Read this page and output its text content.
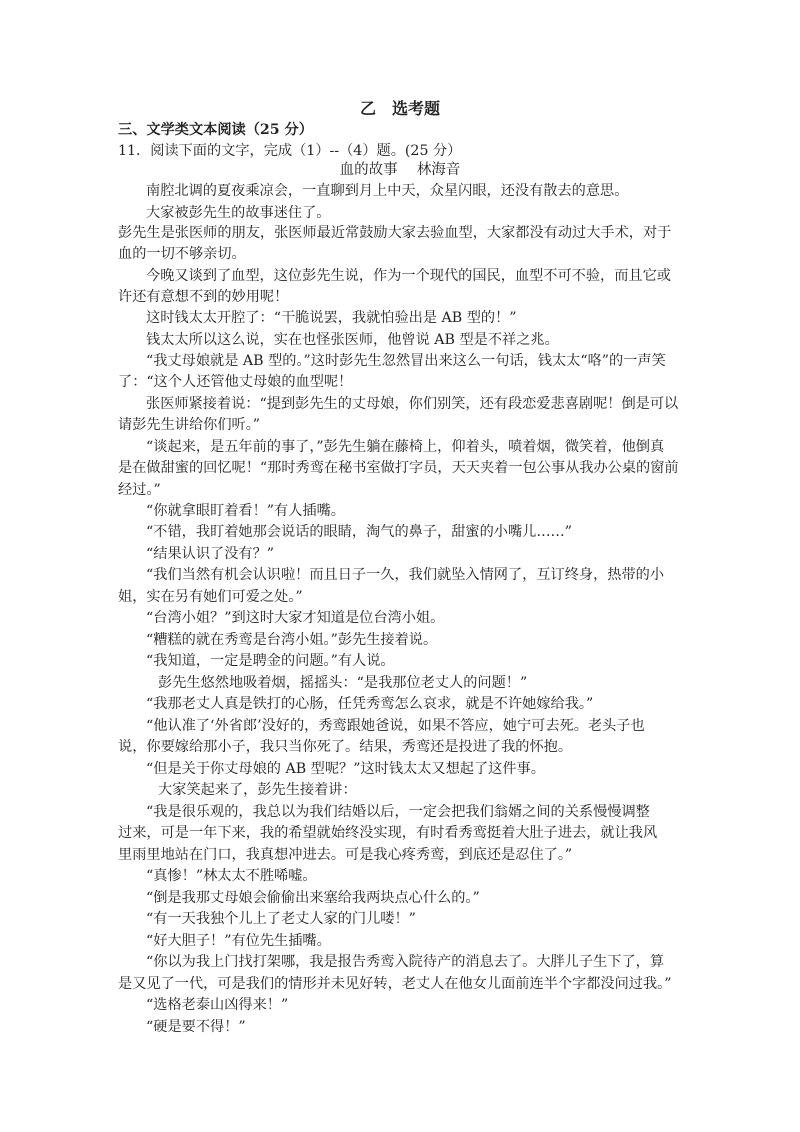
乙　选考题
三、文学类文本阅读（25 分）
11．阅读下面的文字，完成（1）--（4）题。(25 分）
血的故事 林海音
南腔北调的夏夜乘凉会，一直聊到月上中天，众星闪眼，还没有散去的意思。
大家被彭先生的故事迷住了。
彭先生是张医师的朋友，张医师最近常鼓励大家去验血型，大家都没有动过大手术，对于
血的一切不够亲切。
今晚又谈到了血型，这位彭先生说，作为一个现代的国民，血型不可不验，而且它或
许还有意想不到的妙用呢！
这时钱太太开腔了：“干脆说罢，我就怕验出是 AB 型的！”
钱太太所以这么说，实在也怪张医师，他曾说 AB 型是不祥之兆。
“我丈母娘就是 AB 型的。”这时彭先生忽然冒出来这么一句话，钱太太“咯”的一声笑
了：“这个人还管他丈母娘的血型呢！
张医师紧接着说：“提到彭先生的丈母娘，你们别笑，还有段恋爱悲喜剧呢！倒是可以
请彭先生讲给你们听。”
“谈起来，是五年前的事了，”彭先生躺在藤椅上，仰着头，喷着烟，微笑着，他倒真
是在做甜蜜的回忆呢！“那时秀鸾在秘书室做打字员，天天夹着一包公事从我办公桌的窗前
经过。”
“你就拿眼盯着看！”有人插嘴。
“不错，我盯着她那会说话的眼睛，淘气的鼻子，甜蜜的小嘴儿……”
“结果认识了没有？”
“我们当然有机会认识啦！而且日子一久，我们就坠入情网了，互订终身，热带的小
姐，实在另有她们可爱之处。”
“台湾小姐？”到这时大家才知道是位台湾小姐。
“糟糕的就在秀鸾是台湾小姐。”彭先生接着说。
“我知道，一定是聘金的问题。”有人说。
彭先生悠然地吸着烟，摇摇头：“是我那位老丈人的问题！”
“我那老丈人真是铁打的心肠，任凭秀鸾怎么哀求，就是不许她嫁给我。”
“他认准了‘外省郎’没好的，秀鸾跟她爸说，如果不答应，她宁可去死。老头子也
说，你要嫁给那小子，我只当你死了。结果，秀鸾还是投进了我的怀抱。
“但是关于你丈母娘的 AB 型呢？”这时钱太太又想起了这件事。
大家笑起来了，彭先生接着讲：
“我是很乐观的，我总以为我们结婚以后，一定会把我们翁婿之间的关系慢慢调整
过来，可是一年下来，我的希望就始终没实现，有时看秀鸾挺着大肚子进去，就让我风
里雨里地站在门口，我真想冲进去。可是我心疼秀鸾，到底还是忍住了。”
“真惨！”林太太不胜唏嘘。
“倒是我那丈母娘会偷偷出来塞给我两块点心什么的。”
“有一天我独个儿上了老丈人家的门儿喽！”
“好大胆子！”有位先生插嘴。
“你以为我上门找打架哪，我是报告秀鸾入院待产的消息去了。大胖儿子生下了，算
是又见了一代，可是我们的情形并未见好转，老丈人在他女儿面前连半个字都没问过我。”
“选格老泰山凶得来！”
“硬是要不得！”
